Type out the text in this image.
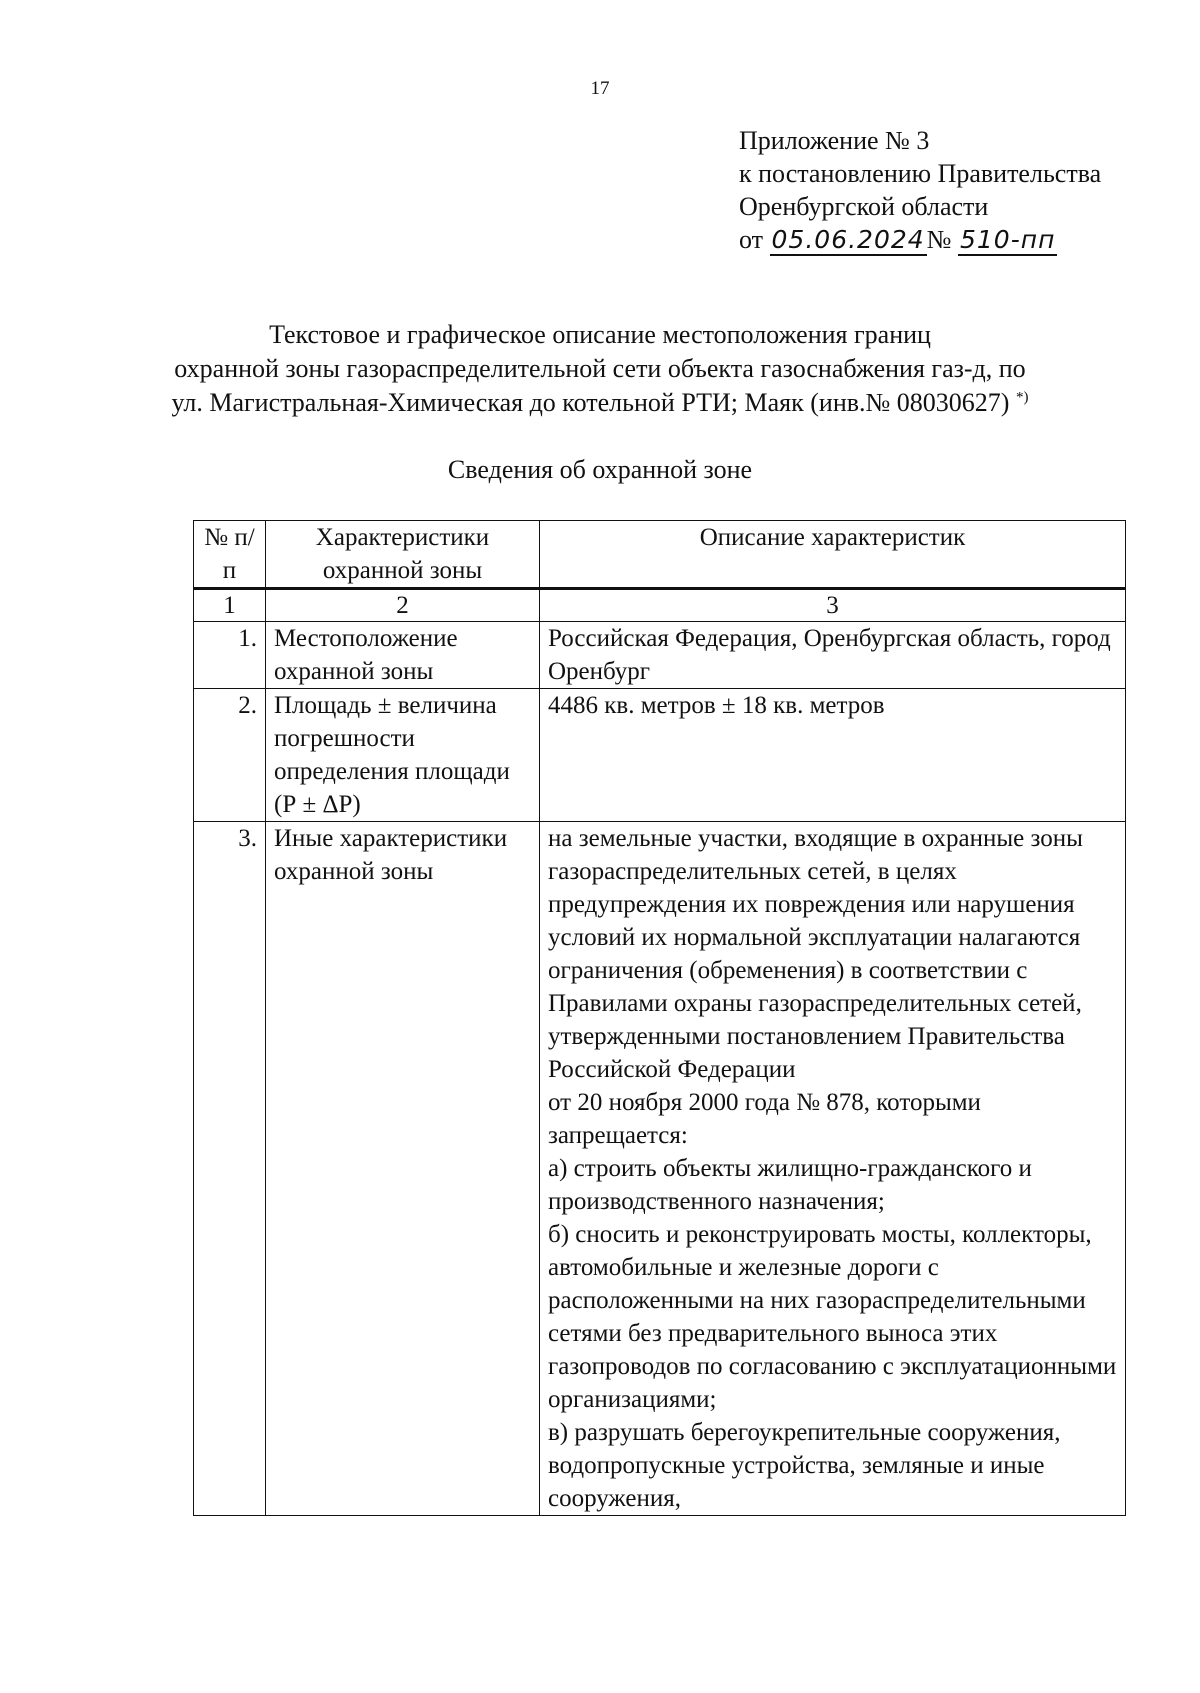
17
Приложение № 3
к постановлению Правительства
Оренбургской области
от 05.06.2024№ 510-пп
Текстовое и графическое описание местоположения границ
охранной зоны газораспределительной сети объекта газоснабжения газ-д, по
ул. Магистральная-Химическая до котельной РТИ; Маяк (инв.№ 08030627) *)
Сведения об охранной зоне
№ п/п	Характеристики охранной зоны	Описание характеристик
1	2	3
1.	Местоположение охранной зоны	Российская Федерация, Оренбургская область, город Оренбург
2.	Площадь ± величина погрешности определения площади (Р ± ΔР)	4486 кв. метров ± 18 кв. метров
3.	Иные характеристики охранной зоны	на земельные участки, входящие в охранные зоны газораспределительных сетей, в целях предупреждения их повреждения или нарушения условий их нормальной эксплуатации налагаются ограничения (обременения) в соответствии с Правилами охраны газораспределительных сетей, утвержденными постановлением Правительства Российской Федерации
от 20 ноября 2000 года № 878, которыми запрещается:
а) строить объекты жилищно-гражданского и производственного назначения;
б) сносить и реконструировать мосты, коллекторы, автомобильные и железные дороги с расположенными на них газораспределительными сетями без предварительного выноса этих газопроводов по согласованию с эксплуатационными организациями;
в) разрушать берегоукрепительные сооружения, водопропускные устройства, земляные и иные сооружения,
